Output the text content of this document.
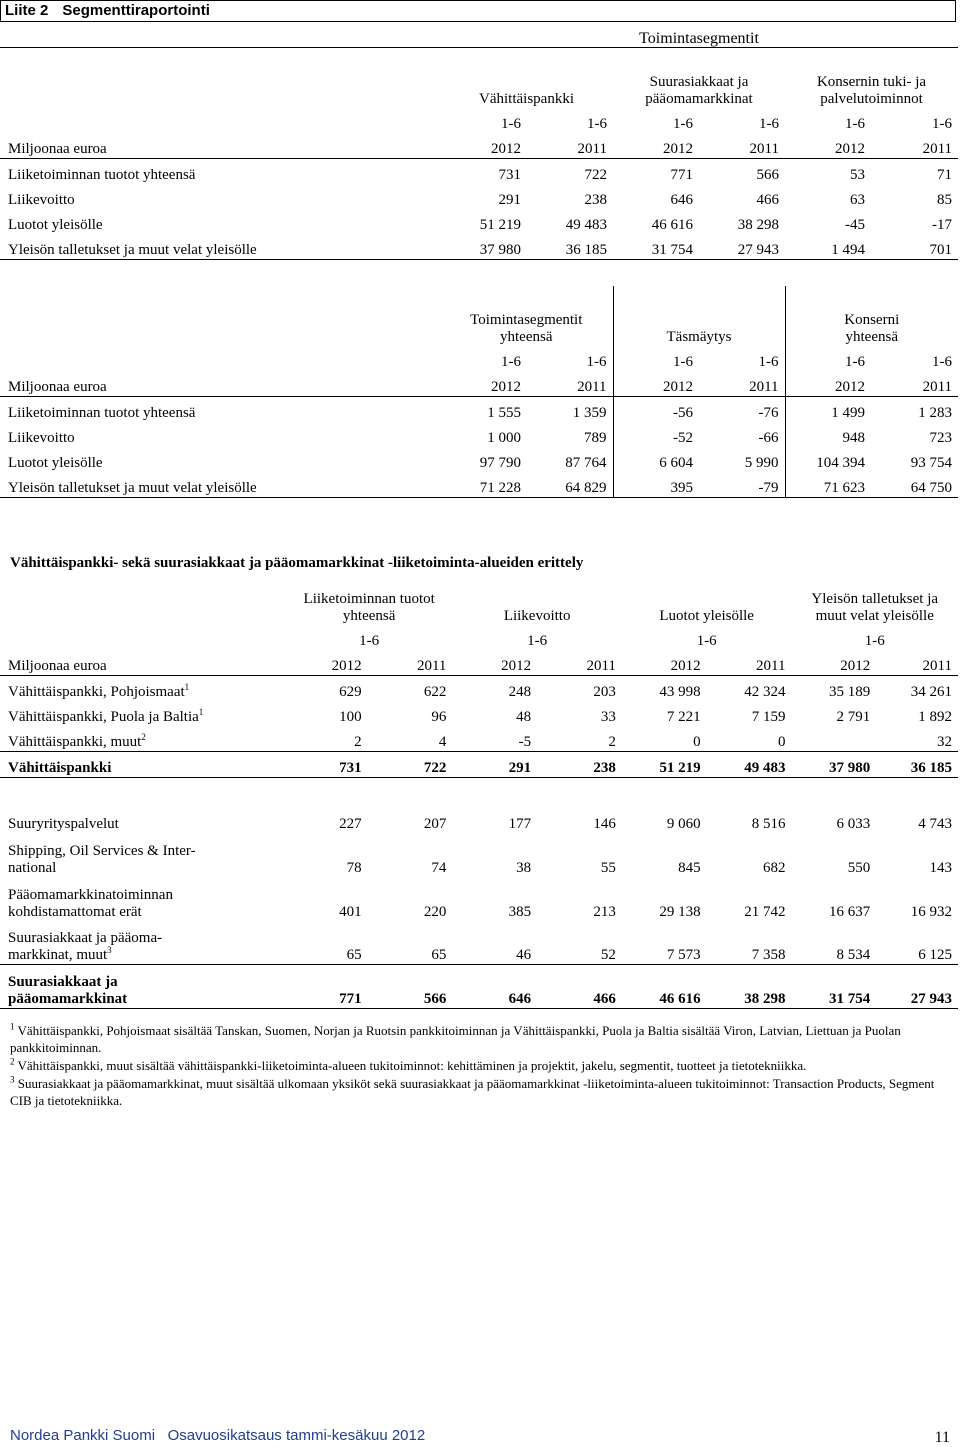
Liite 2 Segmenttiraportointi
	Toimintasegmentit					
	Vähittäispankki		Suurasiakkaat ja
pääomamarkkinat		Konsernin tuki- ja
palvelutoiminnot	
	1-6	1-6	1-6	1-6	1-6	1-6
Miljoonaa euroa	2012	2011	2012	2011	2012	2011
Liiketoiminnan tuotot yhteensä	731	722	771	566	53	71
Liikevoitto	291	238	646	466	63	85
Luotot yleisölle	51 219	49 483	46 616	38 298	-45	-17
Yleisön talletukset ja muut velat yleisölle	37 980	36 185	31 754	27 943	1 494	701
	Toimintasegmentit
yhteensä		Täsmäytys		Konserni
yhteensä	
	1-6	1-6	1-6	1-6	1-6	1-6
Miljoonaa euroa	2012	2011	2012	2011	2012	2011
Liiketoiminnan tuotot yhteensä	1 555	1 359	-56	-76	1 499	1 283
Liikevoitto	1 000	789	-52	-66	948	723
Luotot yleisölle	97 790	87 764	6 604	5 990	104 394	93 754
Yleisön talletukset ja muut velat yleisölle	71 228	64 829	395	-79	71 623	64 750
Vähittäispankki- sekä suurasiakkaat ja pääomamarkkinat -liiketoiminta-alueiden erittely
	Liiketoiminnan tuotot
yhteensä		Liikevoitto		Luotot yleisölle		Yleisön talletukset ja
muut velat yleisölle	
	1-6		1-6		1-6		1-6	
Miljoonaa euroa	2012	2011	2012	2011	2012	2011	2012	2011
Vähittäispankki, Pohjoismaat$^1$	629	622	248	203	43 998	42 324	35 189	34 261
Vähittäispankki, Puola ja Baltia$^1$	100	96	48	33	7 221	7 159	2 791	1 892
Vähittäispankki, muut$^2$	2	4	-5	2	0	0		32
Vähittäispankki	731	722	291	238	51 219	49 483	37 980	36 185

Suuryrityspalvelut	227	207	177	146	9 060	8 516	6 033	4 743
Shipping, Oil Services & Inter-
national	78	74	38	55	845	682	550	143
Pääomamarkkinatoiminnan
kohdistamattomat erät	401	220	385	213	29 138	21 742	16 637	16 932
Suurasiakkaat ja pääoma-
markkinat, muut$^3$	65	65	46	52	7 573	7 358	8 534	6 125
Suurasiakkaat ja
pääomamarkkinat	771	566	646	466	46 616	38 298	31 754	27 943

$^1$ Vähittäispankki, Pohjoismaat sisältää Tanskan, Suomen, Norjan ja Ruotsin pankkitoiminnan ja Vähittäispankki, Puola ja Baltia sisältää Viron, Latvian, Liettuan ja Puolan pankkitoiminnan.

$^2$ Vähittäispankki, muut sisältää vähittäispankki-liiketoiminta-alueen tukitoiminnot: kehittäminen ja projektit, jakelu, segmentit, tuotteet ja tietotekniikka.

$^3$ Suurasiakkaat ja pääomamarkkinat, muut sisältää ulkomaan yksiköt sekä suurasiakkaat ja pääomamarkkinat -liiketoiminta-alueen tukitoiminnot: Transaction Products, Segment CIB ja tietotekniikka.

Nordea Pankki Suomi   Osavuosikatsaus tammi-kesäkuu 2012	11
